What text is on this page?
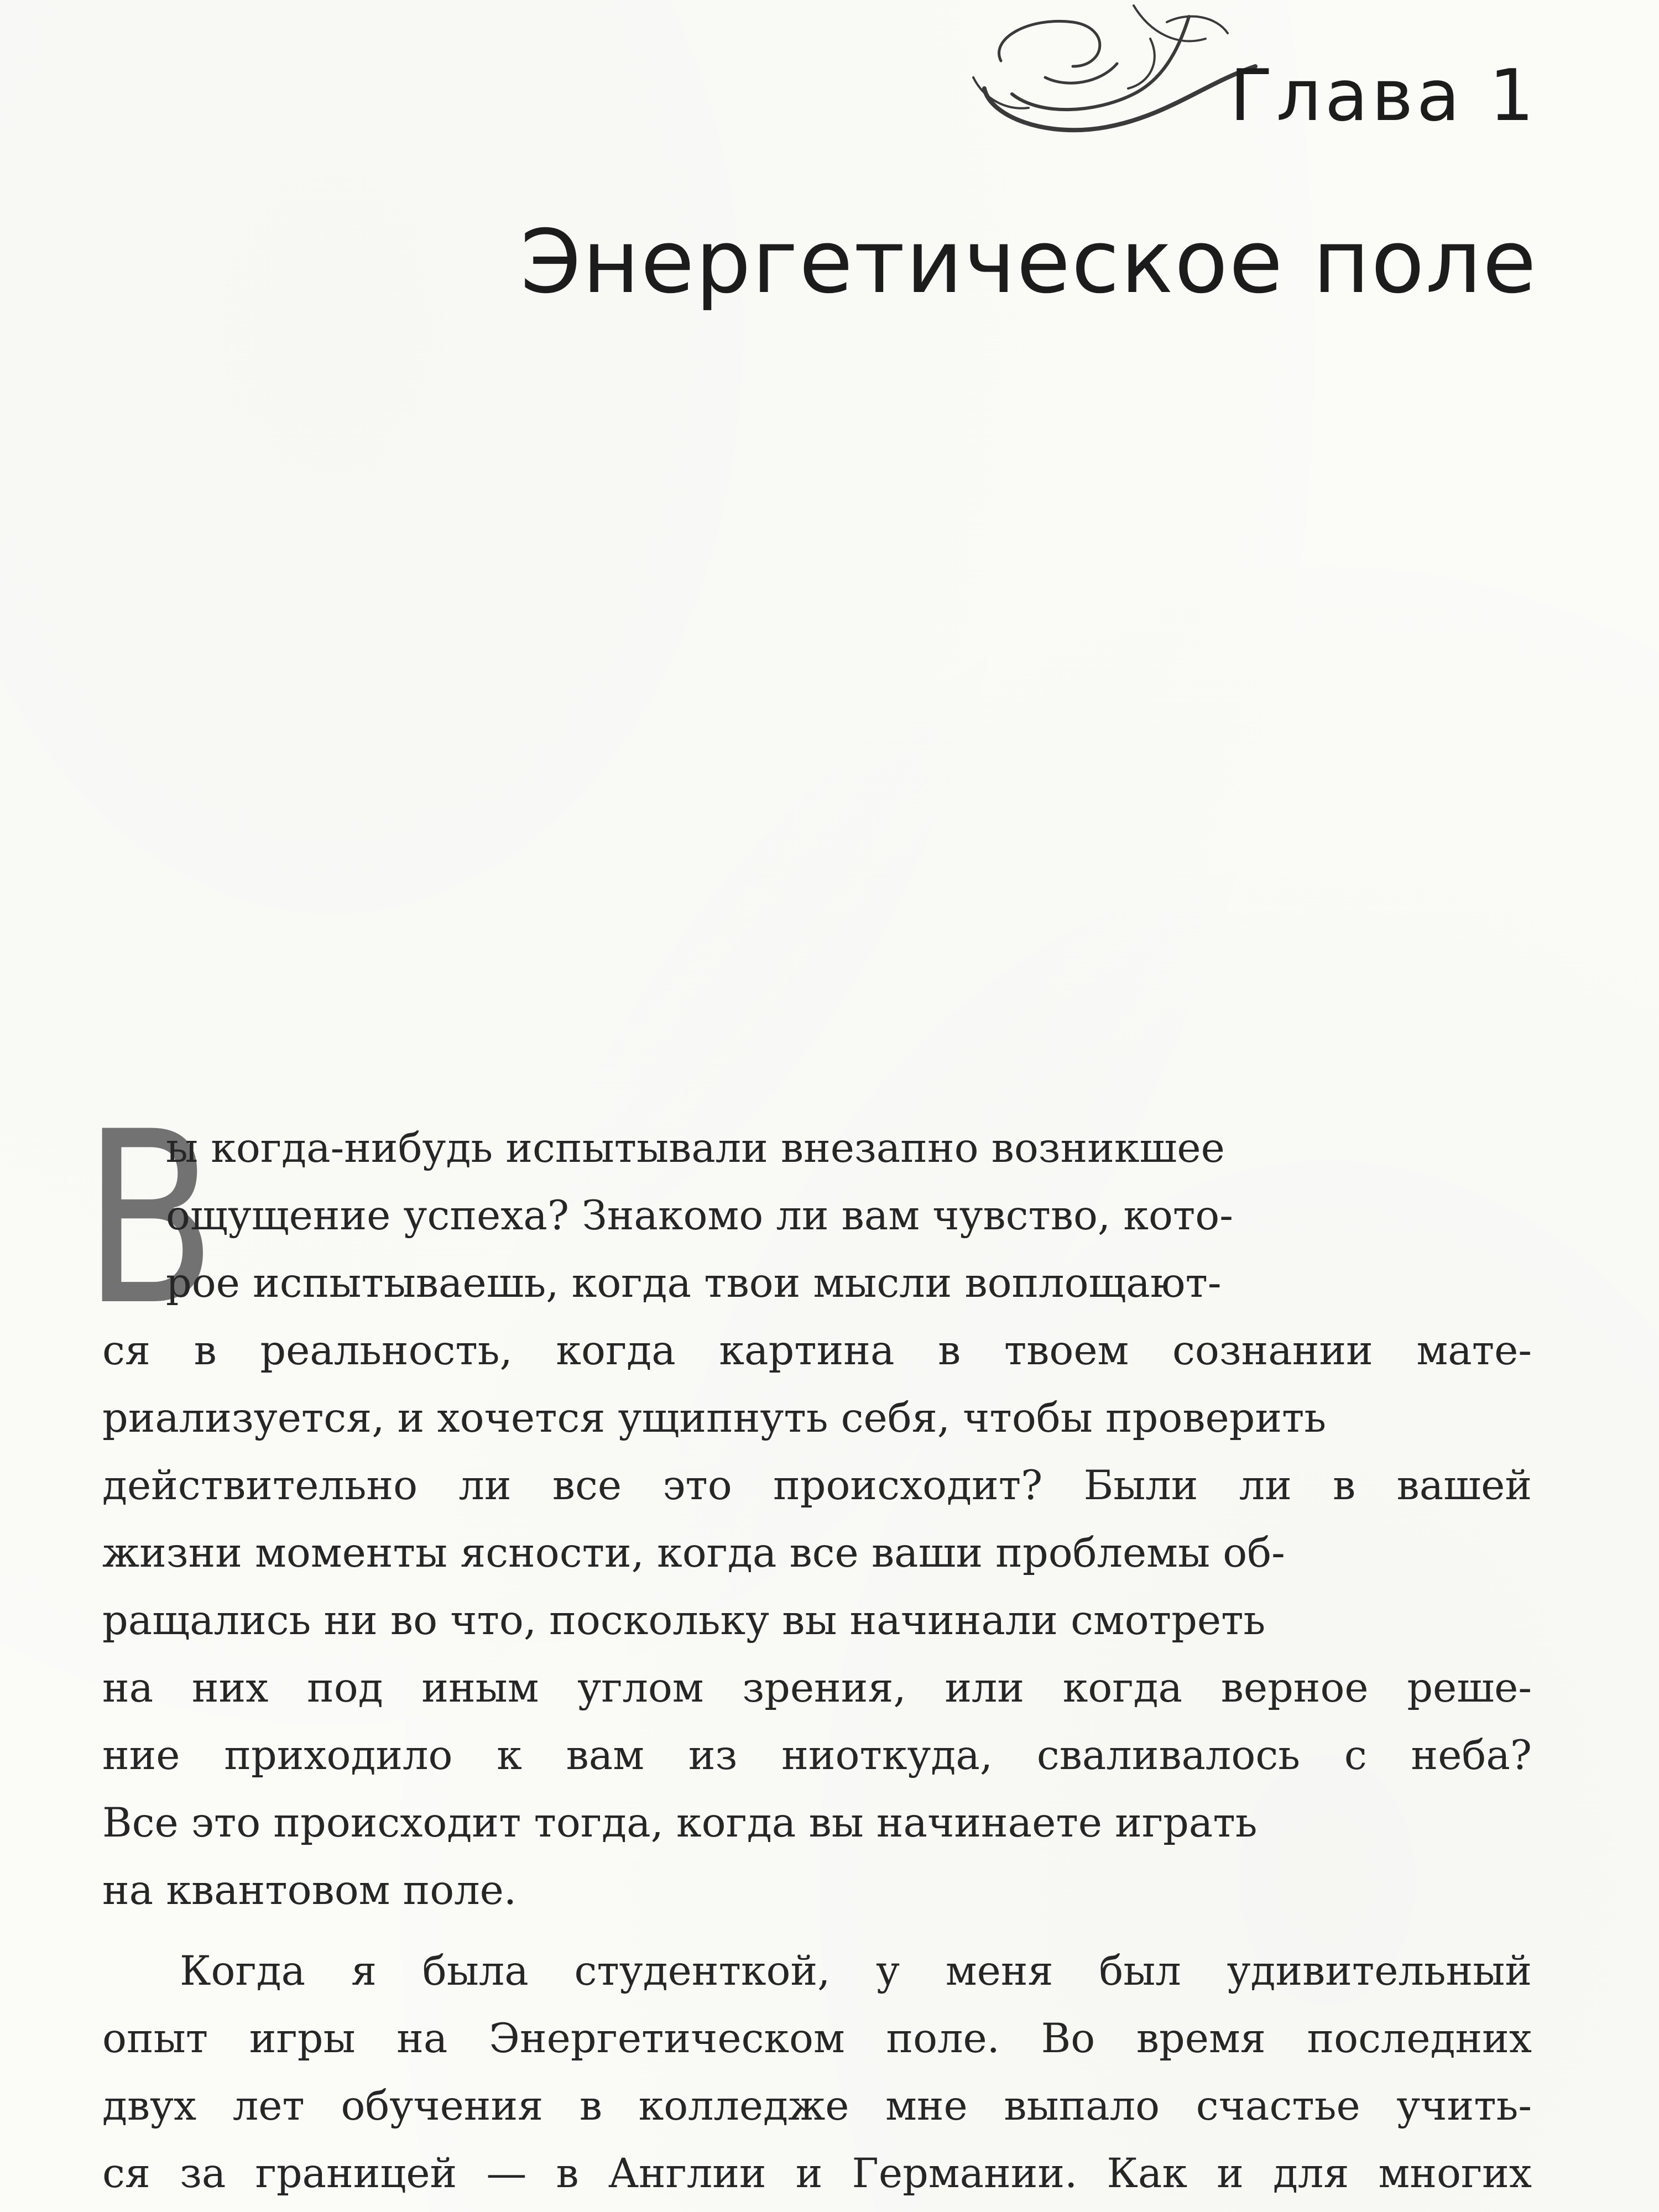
Глава 1
Энергетическое поле
В
ы когда-нибудь испытывали внезапно возникшее
ощущение успеха? Знакомо ли вам чувство, кото-
рое испытываешь, когда твои мысли воплощают-
ся в реальность, когда картина в твоем сознании мате-
риализуется, и хочется ущипнуть себя, чтобы проверить
действительно ли все это происходит? Были ли в вашей
жизни моменты ясности, когда все ваши проблемы об-
ращались ни во что, поскольку вы начинали смотреть
на них под иным углом зрения, или когда верное реше-
ние приходило к вам из ниоткуда, сваливалось с неба?
Все это происходит тогда, когда вы начинаете играть
на квантовом поле.
Когда я была студенткой, у меня был удивительный
опыт игры на Энергетическом поле. Во время последних
двух лет обучения в колледже мне выпало счастье учить-
ся за границей — в Англии и Германии. Как и для многих
